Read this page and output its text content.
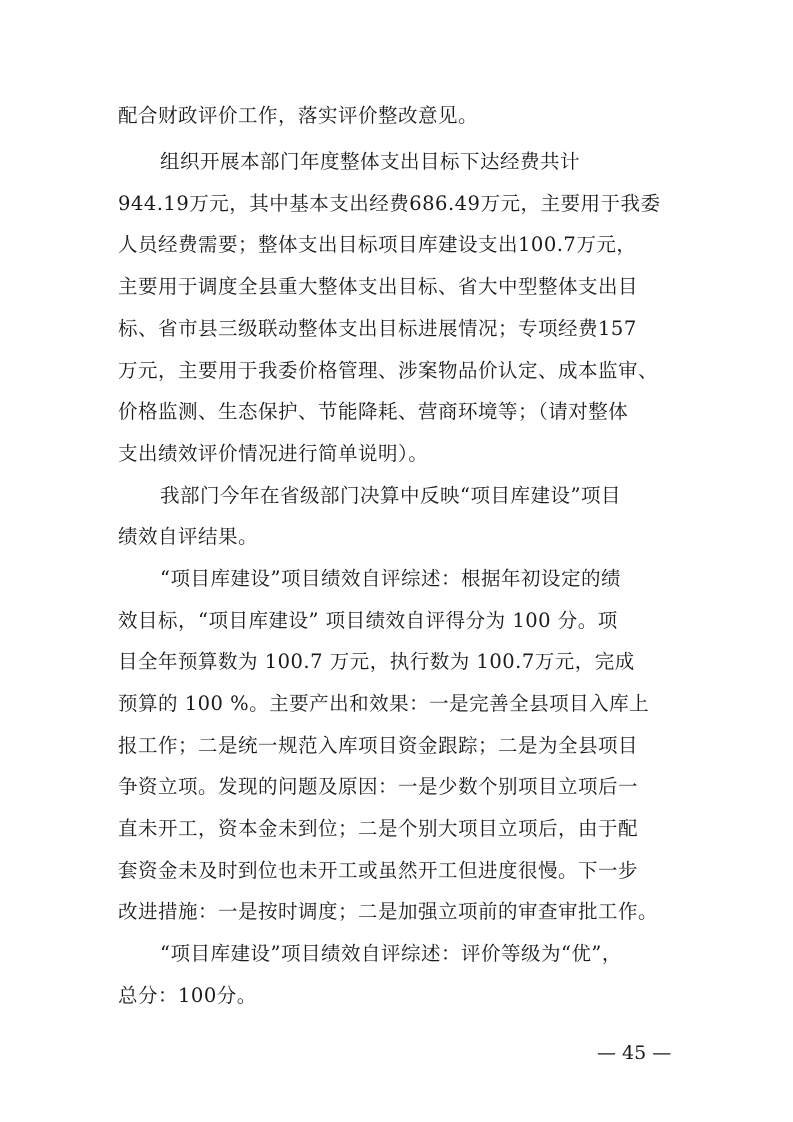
配合财政评价工作，落实评价整改意见。

组织开展本部门年度整体支出目标下达经费共计

944.19万元，其中基本支出经费686.49万元，主要用于我委

人员经费需要；整体支出目标项目库建设支出100.7万元，

主要用于调度全县重大整体支出目标、省大中型整体支出目

标、省市县三级联动整体支出目标进展情况；专项经费157

万元，主要用于我委价格管理、涉案物品价认定、成本监审、

价格监测、生态保护、节能降耗、营商环境等；（请对整体

支出绩效评价情况进行简单说明）。

我部门今年在省级部门决算中反映“项目库建设”项目

绩效自评结果。

“项目库建设”项目绩效自评综述：根据年初设定的绩

效目标，“项目库建设” 项目绩效自评得分为 100 分。项

目全年预算数为 100.7 万元，执行数为 100.7万元，完成

预算的 100 %。主要产出和效果：一是完善全县项目入库上

报工作；二是统一规范入库项目资金跟踪；二是为全县项目

争资立项。发现的问题及原因：一是少数个别项目立项后一

直未开工，资本金未到位；二是个别大项目立项后，由于配

套资金未及时到位也未开工或虽然开工但进度很慢。下一步

改进措施：一是按时调度；二是加强立项前的审查审批工作。

“项目库建设”项目绩效自评综述：评价等级为“优”，

总分：100分。

— 45 —
